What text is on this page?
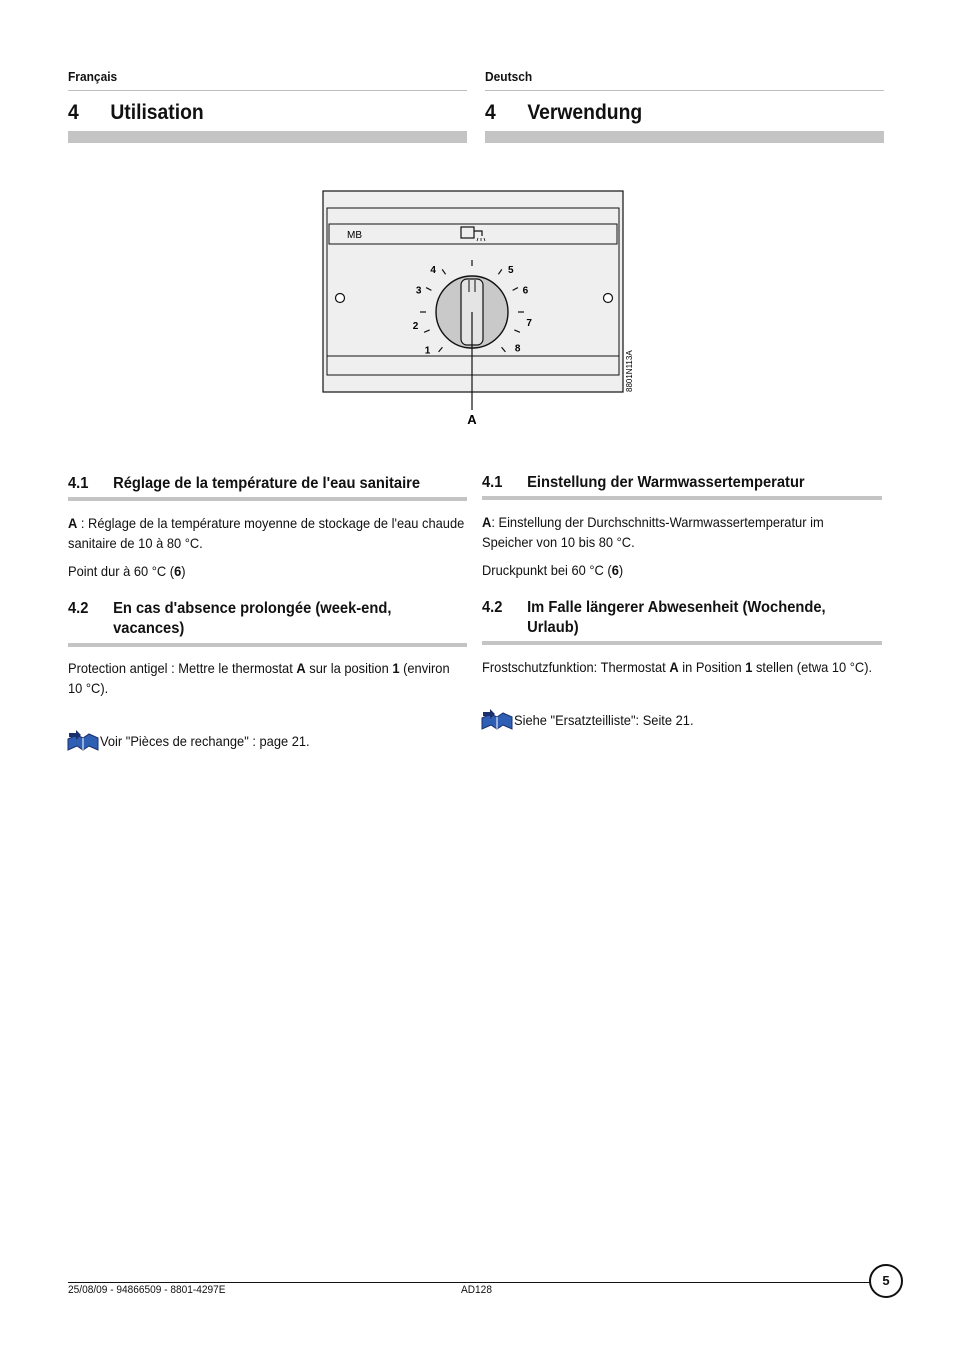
Français
4 Utilisation
4.1 Réglage de la température de l'eau sanitaire
A : Réglage de la température moyenne de stockage de l'eau chaude
sanitaire de 10 à 80 °C.
Point dur à 60 °C (6)
4.2 En cas d'absence prolongée (week-end, vacances)
Protection antigel : Mettre le thermostat A sur la position 1 (environ
10 °C).
Voir "Pièces de rechange" : page 21.
Deutsch
4 Verwendung
4.1 Einstellung der Warmwassertemperatur
A: Einstellung der Durchschnitts-Warmwassertemperatur im
Speicher von 10 bis 80 °C.
Druckpunkt bei 60 °C (6)
4.2 Im Falle längerer Abwesenheit (Wochende, Urlaub)
Frostschutzfunktion: Thermostat A in Position 1 stellen (etwa 10 °C).
Siehe "Ersatzteilliste": Seite 21.
MB
1
2
3
4	5
6
7
8
A
8801N113A
25/08/09 - 94866509 - 8801-4297E	AD128
5
